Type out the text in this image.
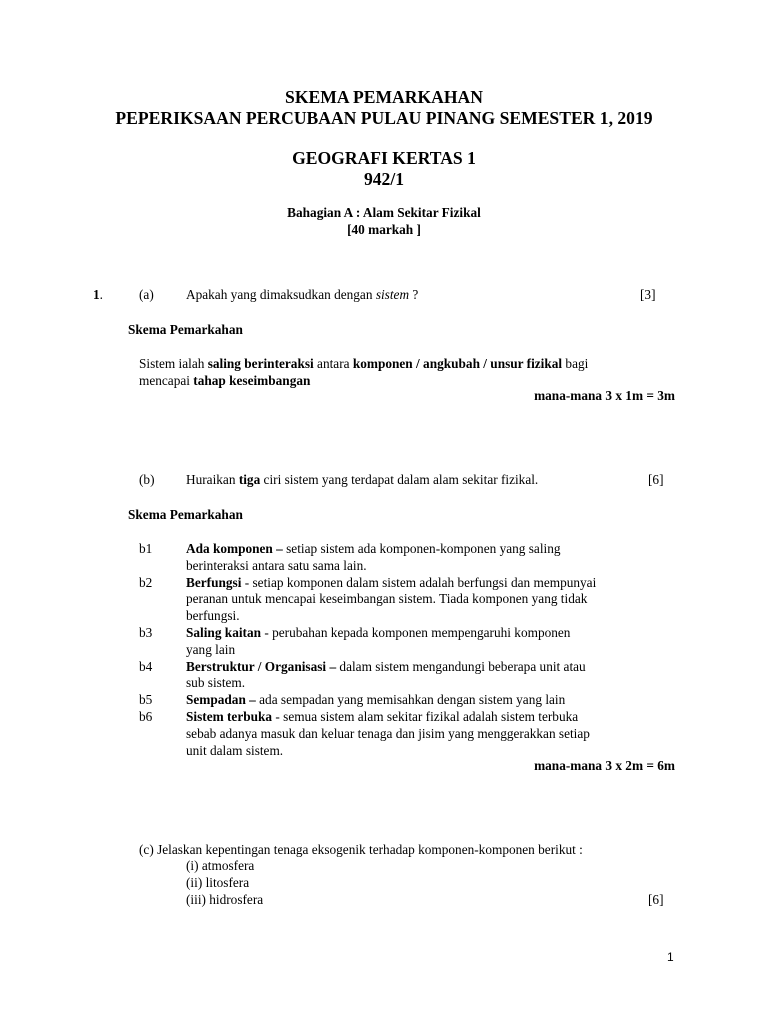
SKEMA PEMARKAHAN
PEPERIKSAAN PERCUBAAN PULAU PINANG SEMESTER 1, 2019
GEOGRAFI KERTAS 1
942/1
Bahagian A : Alam Sekitar Fizikal
[40 markah ]
1.	(a) Apakah yang dimaksudkan dengan sistem ?	[3]
Skema Pemarkahan
Sistem ialah saling berinteraksi antara komponen / angkubah / unsur fizikal bagi
mencapai tahap keseimbangan
mana-mana 3 x 1m = 3m
(b) Huraikan tiga ciri sistem yang terdapat dalam alam sekitar fizikal.	[6]
Skema Pemarkahan
b1	Ada komponen – setiap sistem ada komponen-komponen yang saling
berinteraksi antara satu sama lain.
b2	Berfungsi - setiap komponen dalam sistem adalah berfungsi dan mempunyai
peranan untuk mencapai keseimbangan sistem. Tiada komponen yang tidak
berfungsi.
b3	Saling kaitan - perubahan kepada komponen mempengaruhi komponen
yang lain
b4	Berstruktur / Organisasi – dalam sistem mengandungi beberapa unit atau
sub sistem.
b5	Sempadan – ada sempadan yang memisahkan dengan sistem yang lain
b6	Sistem terbuka - semua sistem alam sekitar fizikal adalah sistem terbuka
sebab adanya masuk dan keluar tenaga dan jisim yang menggerakkan setiap
unit dalam sistem.
mana-mana 3 x 2m = 6m
(c) Jelaskan kepentingan tenaga eksogenik terhadap komponen-komponen berikut :
(i) atmosfera
(ii) litosfera
(iii) hidrosfera	[6]
1
